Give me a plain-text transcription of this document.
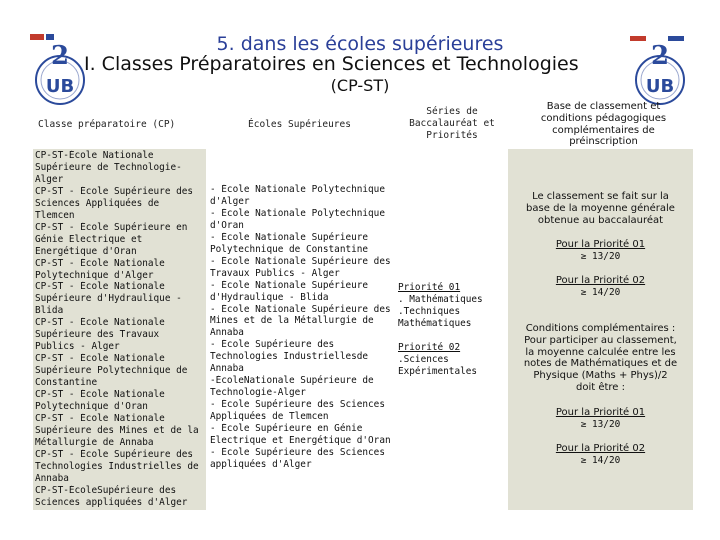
2
UB
2
UB
5. dans les écoles supérieures
I. Classes Préparatoires en Sciences et Technologies
(CP-ST)
Classe préparatoire (CP)	Écoles Supérieures
Séries de
Baccalauréat et
Priorités
Base de classement et
conditions pédagogiques
complémentaires de
préinscription
CP-ST-École Nationale
Supérieure de Technologie-
Alger
CP-ST - École Supérieure des
Sciences Appliquées de
Tlemcen
CP-ST - École Supérieure en
Génie Electrique et
Energétique d'Oran
CP-ST - École Nationale
Polytechnique d'Alger
CP-ST - École Nationale
Supérieure d'Hydraulique -
Blida
CP-ST - École Nationale
Supérieure des Travaux
Publics - Alger
CP-ST - École Nationale
Supérieure Polytechnique de
Constantine
CP-ST - École Nationale
Polytechnique d'Oran
CP-ST - École Nationale
Supérieure des Mines et de la
Métallurgie de Annaba
CP-ST - École Supérieure des
Technologies Industrielles de
Annaba
CP-ST-ÉcoleSupérieure des
Sciences appliquées d'Alger
- École Nationale Polytechnique
d'Alger
- École Nationale Polytechnique
d'Oran
- École Nationale Supérieure
Polytechnique de Constantine
- École Nationale Supérieure des
Travaux Publics - Alger
- École Nationale Supérieure
d'Hydraulique - Blida
- École Nationale Supérieure des
Mines et de la Métallurgie de
Annaba
- École Supérieure des
Technologies Industriellesde
Annaba
-ÉcoleNationale Supérieure de
Technologie-Alger
- École Supérieure des Sciences
Appliquées de Tlemcen
- École Supérieure en Génie
Electrique et Energétique d'Oran
- École Supérieure des Sciences
appliquées d'Alger
Priorité 01
. Mathématiques
.Techniques
Mathématiques

Priorité 02
.Sciences
Expérimentales
Le classement se fait sur la
base de la moyenne générale
obtenue au baccalauréat
Pour la Priorité 01
≥ 13/20
Pour la Priorité 02
≥ 14/20
Conditions complémentaires :
Pour participer au classement,
la moyenne calculée entre les
notes de Mathématiques et de
Physique (Maths + Phys)/2
doit être :
Pour la Priorité 01
≥ 13/20
Pour la Priorité 02
≥ 14/20
